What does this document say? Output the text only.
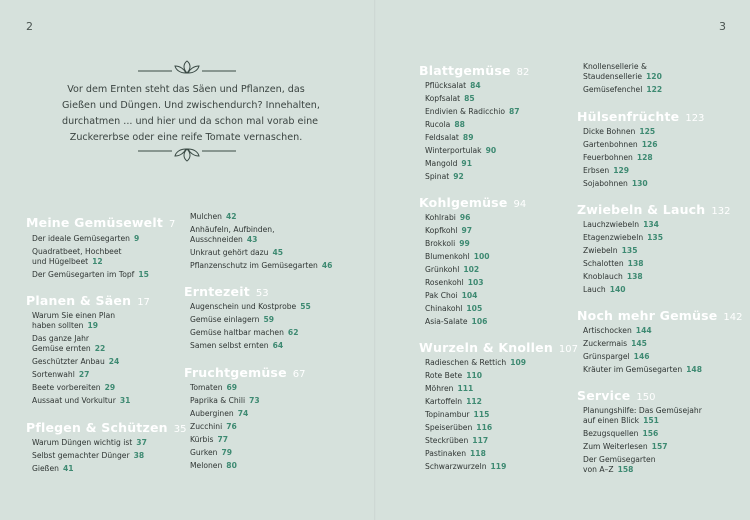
2	3
Vor dem Ernten steht das Säen und Pflanzen, das
Gießen und Düngen. Und zwischendurch? Innehalten,
durchatmen ... und hier und da schon mal vorab eine
Zuckererbse oder eine reife Tomate vernaschen.
Meine Gemüsewelt 7
Der ideale Gemüsegarten 9
Quadratbeet, Hochbeet
und Hügelbeet 12
Der Gemüsegarten im Topf 15
Planen & Säen 17
Warum Sie einen Plan
haben sollten 19
Das ganze Jahr
Gemüse ernten 22
Geschützter Anbau 24
Sortenwahl 27
Beete vorbereiten 29
Aussaat und Vorkultur 31
Pflegen & Schützen 35
Warum Düngen wichtig ist 37
Selbst gemachter Dünger 38
Gießen 41
Mulchen 42
Anhäufeln, Aufbinden,
Ausschneiden 43
Unkraut gehört dazu 45
Pflanzenschutz im Gemüsegarten 46
Erntezeit 53
Augenschein und Kostprobe 55
Gemüse einlagern 59
Gemüse haltbar machen 62
Samen selbst ernten 64
Fruchtgemüse 67
Tomaten 69
Paprika & Chili 73
Auberginen 74
Zucchini 76
Kürbis 77
Gurken 79
Melonen 80
Blattgemüse 82
Pflücksalat 84
Kopfsalat 85
Endivien & Radicchio 87
Rucola 88
Feldsalat 89
Winterportulak 90
Mangold 91
Spinat 92
Kohlgemüse 94
Kohlrabi 96
Kopfkohl 97
Brokkoli 99
Blumenkohl 100
Grünkohl 102
Rosenkohl 103
Pak Choi 104
Chinakohl 105
Asia-Salate 106
Wurzeln & Knollen 107
Radieschen & Rettich 109
Rote Bete 110
Möhren 111
Kartoffeln 112
Topinambur 115
Speiserüben 116
Steckrüben 117
Pastinaken 118
Schwarzwurzeln 119
Knollensellerie &
Staudensellerie 120
Gemüsefenchel 122
Hülsenfrüchte 123
Dicke Bohnen 125
Gartenbohnen 126
Feuerbohnen 128
Erbsen 129
Sojabohnen 130
Zwiebeln & Lauch 132
Lauchzwiebeln 134
Etagenzwiebeln 135
Zwiebeln 135
Schalotten 138
Knoblauch 138
Lauch 140
Noch mehr Gemüse 142
Artischocken 144
Zuckermais 145
Grünspargel 146
Kräuter im Gemüsegarten 148
Service 150
Planungshilfe: Das Gemüsejahr
auf einen Blick 151
Bezugsquellen 156
Zum Weiterlesen 157
Der Gemüsegarten
von A–Z 158
